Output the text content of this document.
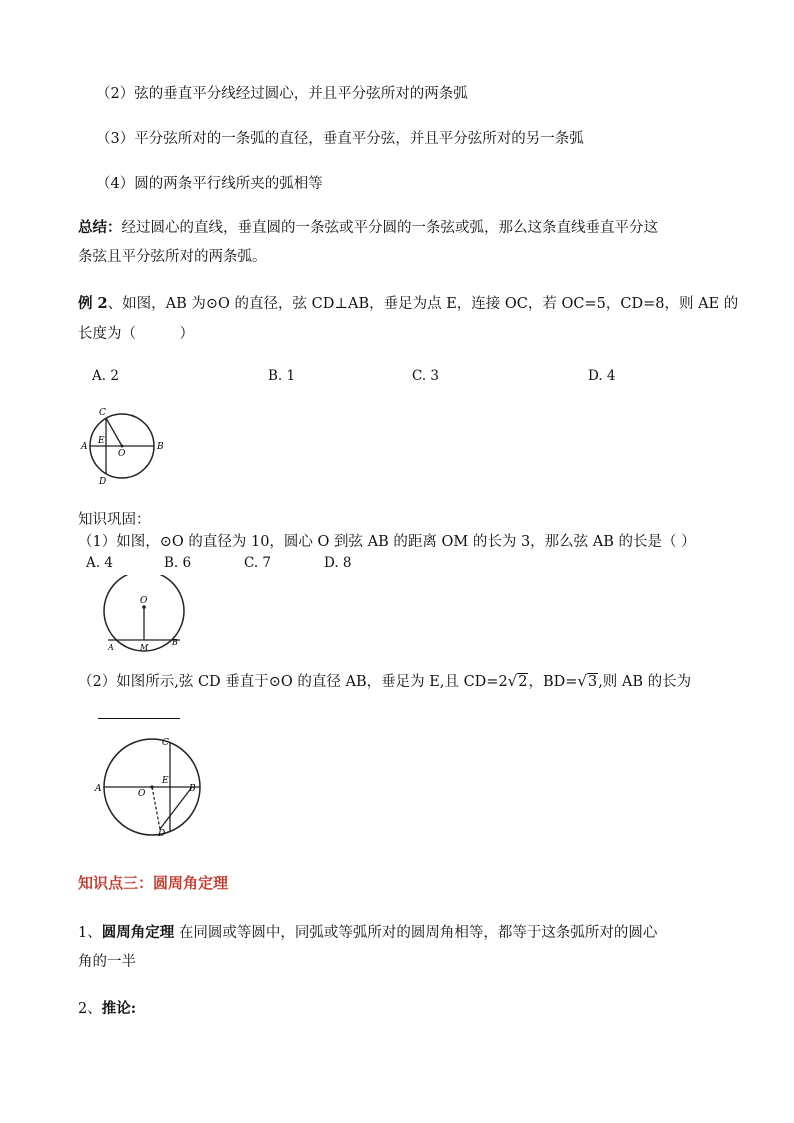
（2）弦的垂直平分线经过圆心，并且平分弦所对的两条弧
（3）平分弦所对的一条弧的直径，垂直平分弦，并且平分弦所对的另一条弧
（4）圆的两条平行线所夹的弧相等
总结：经过圆心的直线，垂直圆的一条弦或平分圆的一条弦或弧，那么这条直线垂直平分这
条弦且平分弦所对的两条弧。
例 2、如图，AB 为⊙O 的直径，弦 CD⊥AB，垂足为点 E，连接 OC，若 OC=5，CD=8，则 AE 的
长度为（　　　）
A. 2	B. 1	C. 3	D. 4
C
E
A
O
B
D
知识巩固：
（1）如图，⊙O 的直径为 10，圆心 O 到弦 AB 的距离 OM 的长为 3，那么弦 AB 的长是（ ）
A. 4	B. 6	C. 7	D. 8
O
A	M
B
（2）如图所示,弦 CD 垂直于⊙O 的直径 AB，垂足为 E,且 CD=2√2，BD=√3,则 AB 的长为
C
A	O
E
B
D
知识点三：圆周角定理
1、圆周角定理 在同圆或等圆中，同弧或等弧所对的圆周角相等，都等于这条弧所对的圆心
角的一半
2、推论:
